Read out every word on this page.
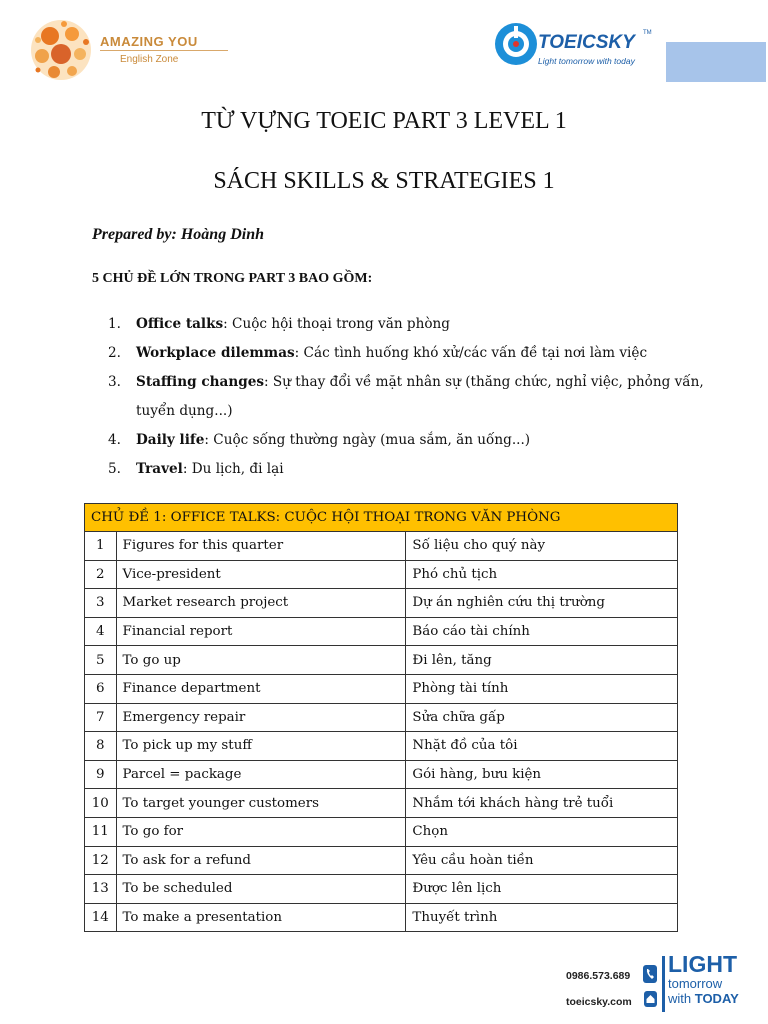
AMAZING YOU
English Zone
TOEICSKY TM
Light tomorrow with today
TỪ VỰNG TOEIC PART 3 LEVEL 1
SÁCH SKILLS & STRATEGIES 1
Prepared by: Hoàng Dinh
5 CHỦ ĐỀ LỚN TRONG PART 3 BAO GỒM:
1. Office talks: Cuộc hội thoại trong văn phòng
2. Workplace dilemmas: Các tình huống khó xử/các vấn đề tại nơi làm việc
3. Staffing changes: Sự thay đổi về mặt nhân sự (thăng chức, nghỉ việc, phỏng vấn, tuyển dụng...)
4. Daily life: Cuộc sống thường ngày (mua sắm, ăn uống...)
5. Travel: Du lịch, đi lại
CHỦ ĐỀ 1: OFFICE TALKS: CUỘC HỘI THOẠI TRONG VĂN PHÒNG		
1	Figures for this quarter	Số liệu cho quý này
2	Vice-president	Phó chủ tịch
3	Market research project	Dự án nghiên cứu thị trường
4	Financial report	Báo cáo tài chính
5	To go up	Đi lên, tăng
6	Finance department	Phòng tài tính
7	Emergency repair	Sửa chữa gấp
8	To pick up my stuff	Nhặt đồ của tôi
9	Parcel = package	Gói hàng, bưu kiện
10	To target younger customers	Nhắm tới khách hàng trẻ tuổi
11	To go for	Chọn
12	To ask for a refund	Yêu cầu hoàn tiền
13	To be scheduled	Được lên lịch
14	To make a presentation	Thuyết trình
0986.573.689
toeicsky.com
LIGHT
tomorrow
with TODAY
